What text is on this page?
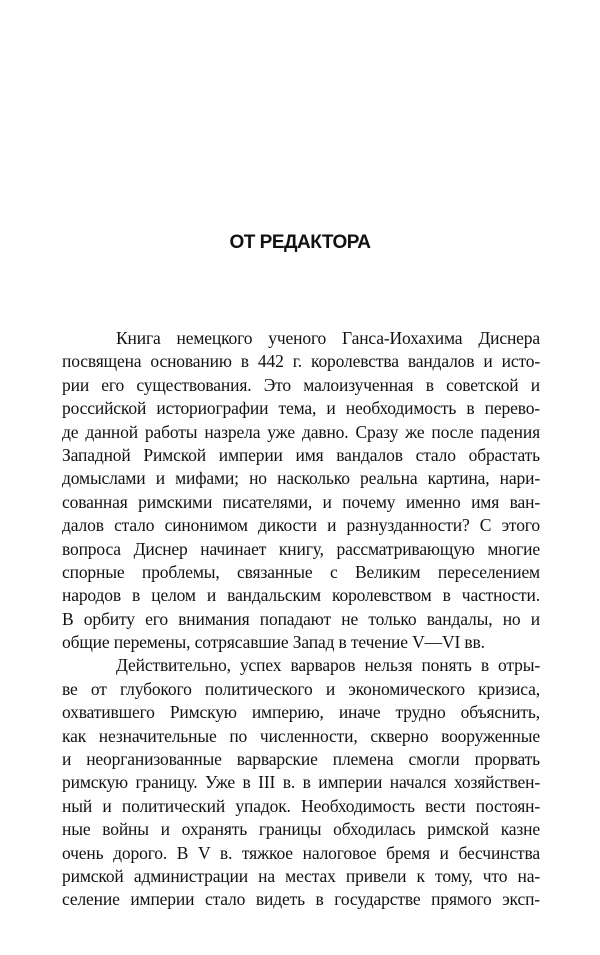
ОТ РЕДАКТОРА
Книга немецкого ученого Ганса-Иохахима Диснера
посвящена основанию в 442 г. королевства вандалов и исто-
рии его существования. Это малоизученная в советской и
российской историографии тема, и необходимость в перево-
де данной работы назрела уже давно. Сразу же после падения
Западной Римской империи имя вандалов стало обрастать
домыслами и мифами; но насколько реальна картина, нари-
сованная римскими писателями, и почему именно имя ван-
далов стало синонимом дикости и разнузданности? С этого
вопроса Диснер начинает книгу, рассматривающую многие
спорные проблемы, связанные с Великим переселением
народов в целом и вандальским королевством в частности.
В орбиту его внимания попадают не только вандалы, но и
общие перемены, сотрясавшие Запад в течение V—VI вв.
Действительно, успех варваров нельзя понять в отры-
ве от глубокого политического и экономического кризиса,
охватившего Римскую империю, иначе трудно объяснить,
как незначительные по численности, скверно вооруженные
и неорганизованные варварские племена смогли прорвать
римскую границу. Уже в III в. в империи начался хозяйствен-
ный и политический упадок. Необходимость вести постоян-
ные войны и охранять границы обходилась римской казне
очень дорого. В V в. тяжкое налоговое бремя и бесчинства
римской администрации на местах привели к тому, что на-
селение империи стало видеть в государстве прямого эксп-
